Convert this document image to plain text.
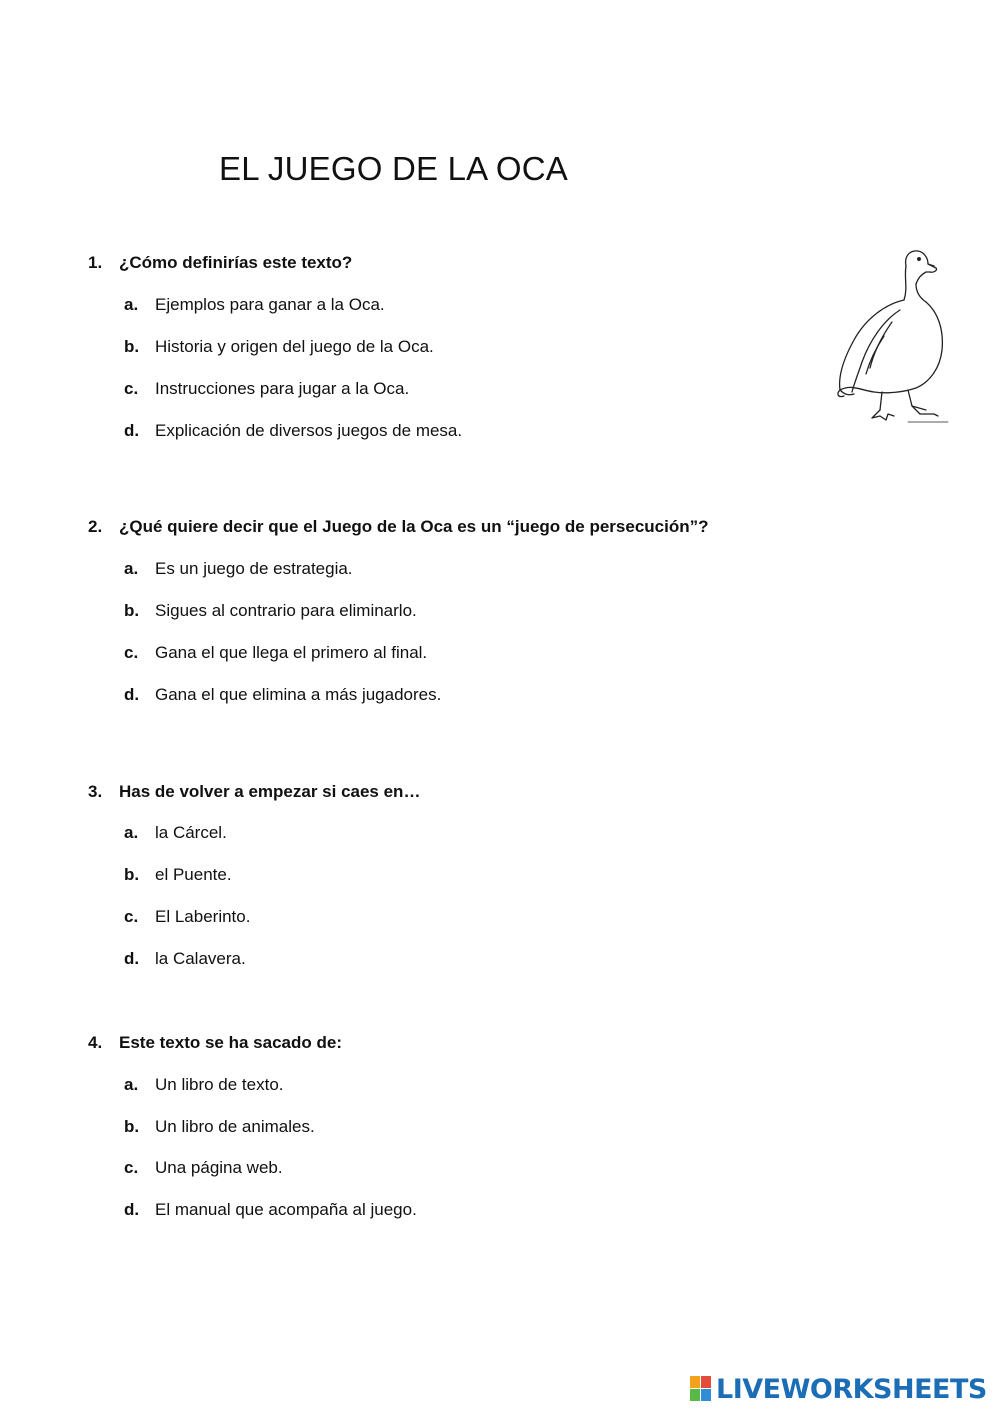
EL JUEGO DE LA OCA
1. ¿Cómo definirías este texto?
a. Ejemplos para ganar a la Oca.
b. Historia y origen del juego de la Oca.
c. Instrucciones para jugar a la Oca.
d. Explicación de diversos juegos de mesa.
2. ¿Qué quiere decir que el Juego de la Oca es un “juego de persecución”?
a. Es un juego de estrategia.
b. Sigues al contrario para eliminarlo.
c. Gana el que llega el primero al final.
d. Gana el que elimina a más jugadores.
3. Has de volver a empezar si caes en…
a. la Cárcel.
b. el Puente.
c. El Laberinto.
d. la Calavera.
4. Este texto se ha sacado de:
a. Un libro de texto.
b. Un libro de animales.
c. Una página web.
d. El manual que acompaña al juego.
LIVEWORKSHEETS
